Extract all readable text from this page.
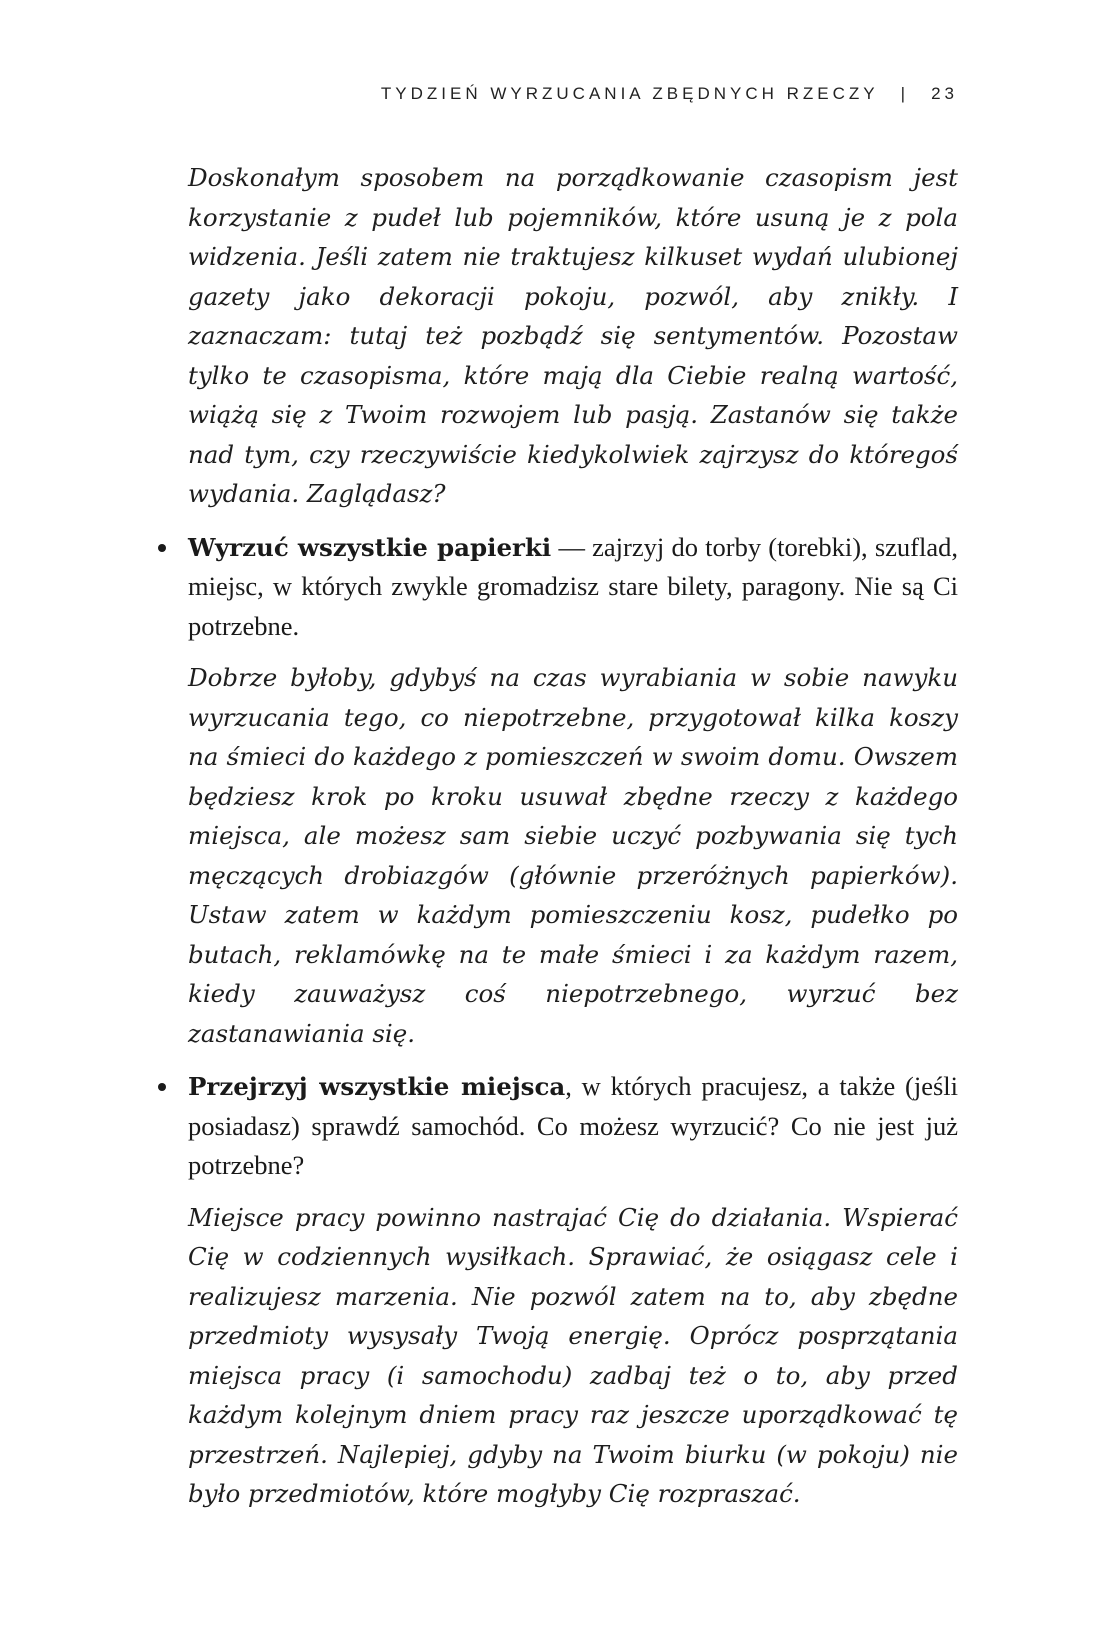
TYDZIEŃ WYRZUCANIA ZBĘDNYCH RZECZY | 23

Doskonałym sposobem na porządkowanie czasopism jest korzystanie z pudeł lub pojemników, które usuną je z pola widzenia. Jeśli zatem nie traktujesz kilkuset wydań ulubionej gazety jako dekoracji pokoju, pozwól, aby znikły. I zaznaczam: tutaj też pozbądź się sentymentów. Pozostaw tylko te czasopisma, które mają dla Ciebie realną wartość, wiążą się z Twoim rozwojem lub pasją. Zastanów się także nad tym, czy rzeczywiście kiedykolwiek zajrzysz do któregoś wydania. Zaglądasz?

Wyrzuć wszystkie papierki — zajrzyj do torby (torebki), szuflad, miejsc, w których zwykle gromadzisz stare bilety, paragony. Nie są Ci potrzebne.

Dobrze byłoby, gdybyś na czas wyrabiania w sobie nawyku wyrzucania tego, co niepotrzebne, przygotował kilka koszy na śmieci do każdego z pomieszczeń w swoim domu. Owszem będziesz krok po kroku usuwał zbędne rzeczy z każdego miejsca, ale możesz sam siebie uczyć pozbywania się tych męczących drobiazgów (głównie przeróżnych papierków). Ustaw zatem w każdym pomieszczeniu kosz, pudełko po butach, reklamówkę na te małe śmieci i za każdym razem, kiedy zauważysz coś niepotrzebnego, wyrzuć bez zastanawiania się.

Przejrzyj wszystkie miejsca, w których pracujesz, a także (jeśli posiadasz) sprawdź samochód. Co możesz wyrzucić? Co nie jest już potrzebne?

Miejsce pracy powinno nastrajać Cię do działania. Wspierać Cię w codziennych wysiłkach. Sprawiać, że osiągasz cele i realizujesz marzenia. Nie pozwól zatem na to, aby zbędne przedmioty wysysały Twoją energię. Oprócz posprzątania miejsca pracy (i samochodu) zadbaj też o to, aby przed każdym kolejnym dniem pracy raz jeszcze uporządkować tę przestrzeń. Najlepiej, gdyby na Twoim biurku (w pokoju) nie było przedmiotów, które mogłyby Cię rozpraszać.
